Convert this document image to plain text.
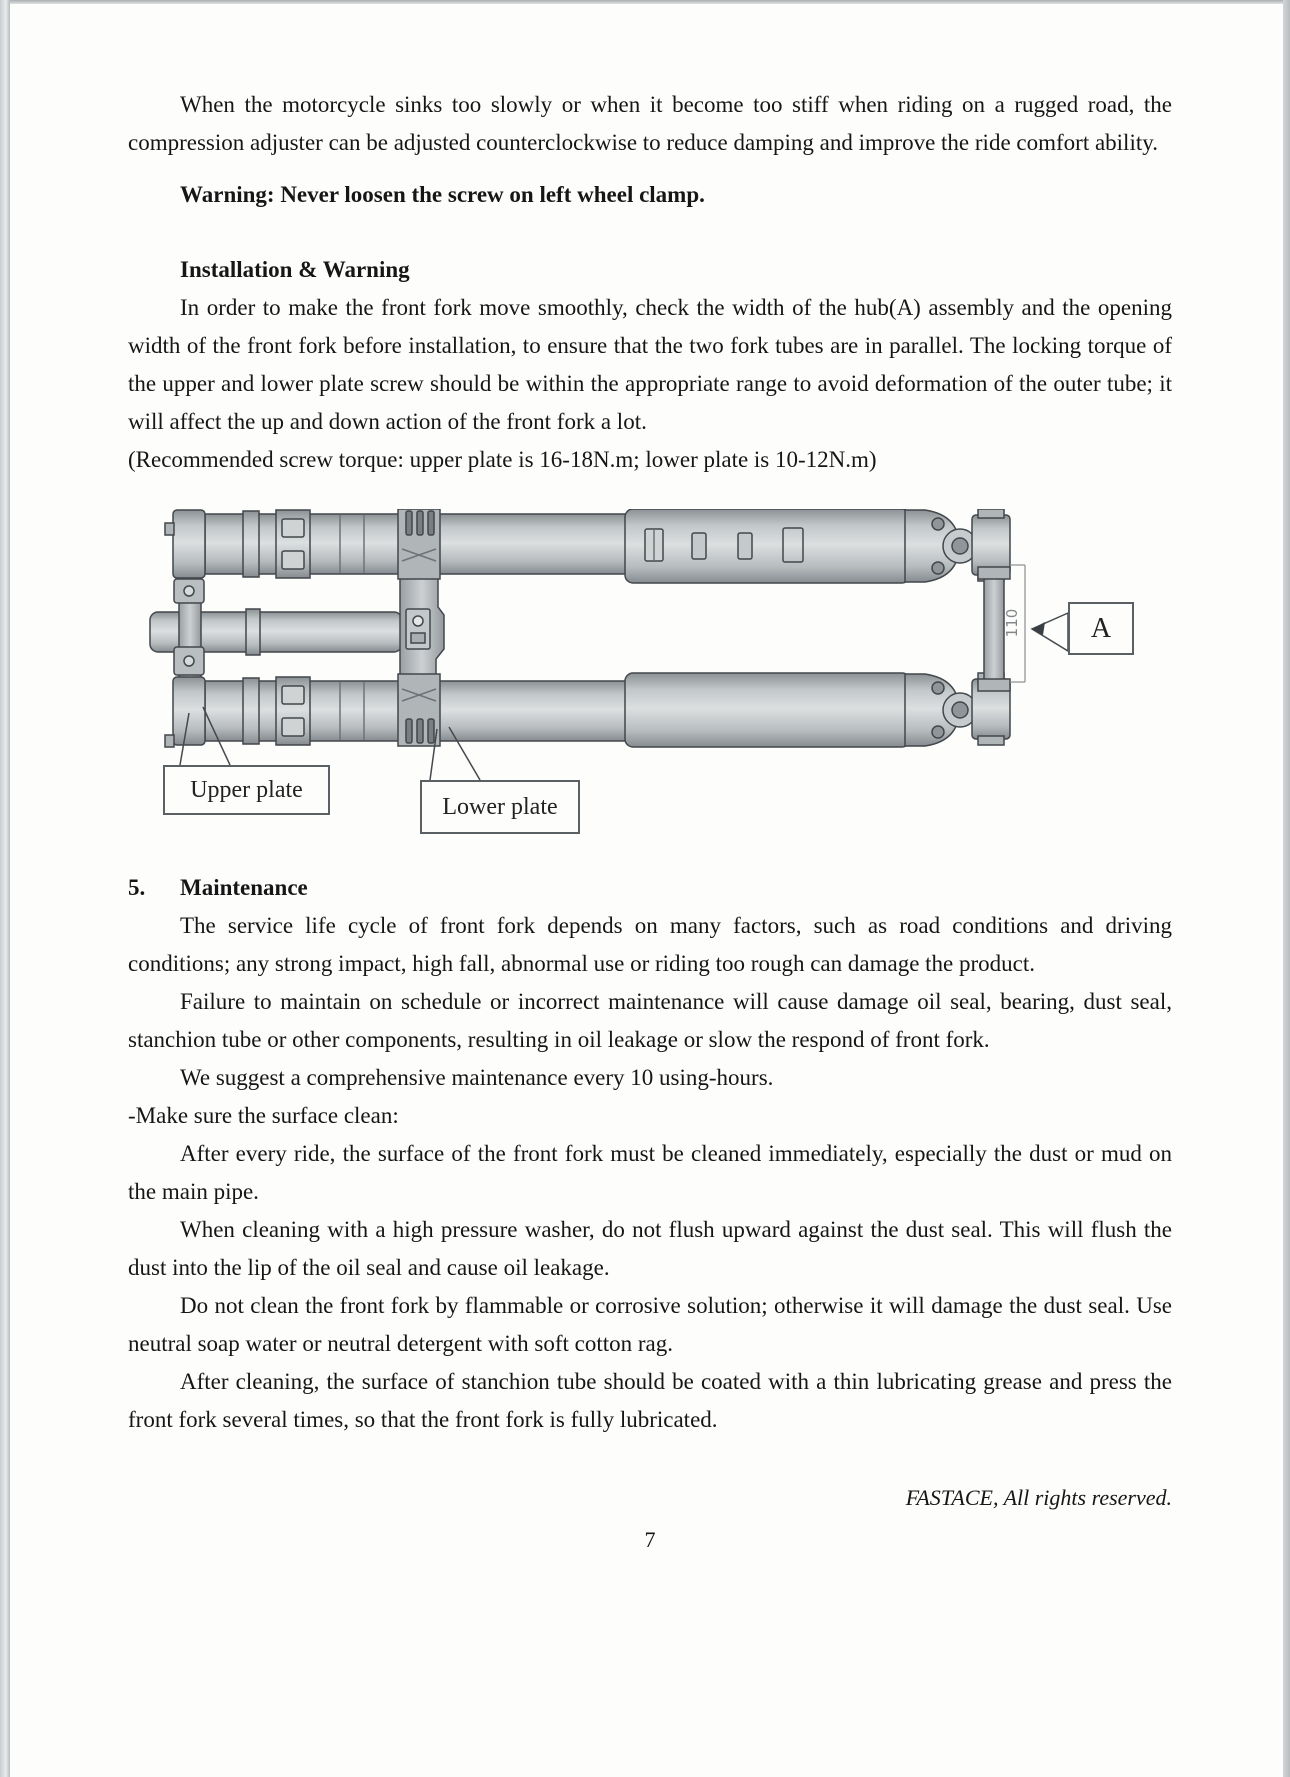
When the motorcycle sinks too slowly or when it become too stiff when riding on a rugged road, the compression adjuster can be adjusted counterclockwise to reduce damping and improve the ride comfort ability.

Warning: Never loosen the screw on left wheel clamp.

Installation & Warning

In order to make the front fork move smoothly, check the width of the hub(A) assembly and the opening width of the front fork before installation, to ensure that the two fork tubes are in parallel. The locking torque of the upper and lower plate screw should be within the appropriate range to avoid deformation of the outer tube; it will affect the up and down action of the front fork a lot.

(Recommended screw torque: upper plate is 16-18N.m; lower plate is 10-12N.m)

110
Upper plate
Lower plate
A

5. Maintenance

The service life cycle of front fork depends on many factors, such as road conditions and driving conditions; any strong impact, high fall, abnormal use or riding too rough can damage the product.

Failure to maintain on schedule or incorrect maintenance will cause damage oil seal, bearing, dust seal, stanchion tube or other components, resulting in oil leakage or slow the respond of front fork.

We suggest a comprehensive maintenance every 10 using-hours.

-Make sure the surface clean:

After every ride, the surface of the front fork must be cleaned immediately, especially the dust or mud on the main pipe.

When cleaning with a high pressure washer, do not flush upward against the dust seal. This will flush the dust into the lip of the oil seal and cause oil leakage.

Do not clean the front fork by flammable or corrosive solution; otherwise it will damage the dust seal. Use neutral soap water or neutral detergent with soft cotton rag.

After cleaning, the surface of stanchion tube should be coated with a thin lubricating grease and press the front fork several times, so that the front fork is fully lubricated.

FASTACE, All rights reserved.
7
